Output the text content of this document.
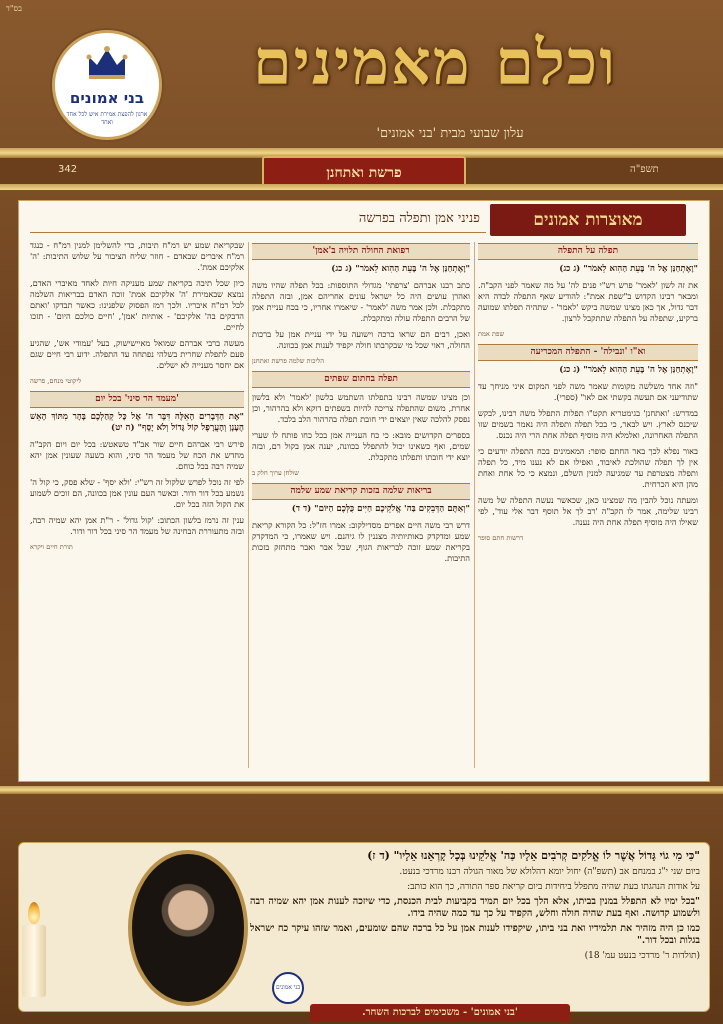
בס"ד
בני אמונים
ארגון להפצת אמירת איש לכל אחד ואחד
וכלם מאמינים
עלון שבועי מבית 'בני אמונים'
342	תשפ"ה
פרשת ואתחנן
מאוצרות אמונים
פניני אמן ותפלה בפרשה
תפלה על התפלה

"וָאֶתְחַנַּן אֶל ה' בָּעֵת הַהִוא לֵאמֹר" (ג כג)

את זה לשון 'לאמר' פרש רש"י פנים לה' על מה שאמר לפני הקב"ה. ומבאר רבינו הקדוש ב"שפת אמת": להודיע שאף התפלה לבדה היא דבר גדול, אך כאן מצינו שמשה ביקש 'לאמר' - שתהיה תפלתו שמועה ברקיע, שתפלה על התפלה שתתקבל לרצון.

שפת אמת
וא"ו 'ונבילה' - התפלה המכריעה

"וָאֶתְחַנַּן אֶל ה' בָּעֵת הַהִוא לֵאמֹר" (ג כג)

"וזה אחד משלשה מקומות שאמר משה לפני המקום איני מניחך עד שתודיעני אם תעשה בקשתי אם לאו" (ספרי).

במדרש: 'ואתחנן' בגימטריא תקט"ו תפלות התפלל משה רבינו, לבקש שיכנס לארץ. ויש לבאר, כי בכל תפלה ותפלה היה נאמר בשמים שזו התפלה האחרונה, ואלמלא היה מוסיף תפלה אחת הרי היה נכנס.

באור נפלא לכך באר החתם סופר: המאמינים בכח התפלה יודעים כי אין לך תפלה שהולכת לאיבוד, ואפילו אם לא נענו מיד, כל תפלה ותפלה מצטרפת עד שמגיעה למנין השלם, ונמצא כי כל אחת ואחת מהן היא הכרחית.

ומעתה נוכל להבין מה שמצינו כאן, שכאשר נעשה התפלה של משה רבינו שלימה, אמר לו הקב"ה 'רב לך אל תוסף דבר אלי עוד', לפי שאילו היה מוסיף תפלה אחת היה נענה.

דרשות חתם סופר
רפואת החולה תלויה ב'אמן'

"וָאֶתְחַנַּן אֶל ה' בָּעֵת הַהִוא לֵאמֹר" (ג כג)

כתב רבנו אברהם 'צרפתי' מגדולי התוספות: בכל תפלה שהיו משה ואהרן עושים היה כל ישראל עונים אחריהם אמן, ובזה התפלה מתקבלת. ולכן אמר משה 'לאמר' - שיאמרו אחריו, כי בכח עניית אמן של הרבים התפלה עולה ומתקבלת.

ואכן, רבים הם שראו ברכה וישועה על ידי עניית אמן על ברכות החולה, ראוי שכל מי שבקרבתו חולה יקפיד לענות אמן בכוונה.

הליכות שלמה פרשת ואתחנן
תפלה בחתום שפתים

וכן מצינו שמשה רבינו בתפלתו השתמש בלשון 'לאמר' ולא בלשון אחרת, משום שהתפלה צריכה להיות בשפתים דוקא ולא בהרהור, וכן נפסק להלכה שאין יוצאים ידי חובת תפלה בהרהור הלב בלבד.

בספרים הקדושים מובא: כי כח הענייה אמן בכל כחו פותח לו שערי שמים, ואף כשאינו יכול להתפלל בכוונה, יענה אמן בקול רם, ובזה יוצא ידי חובתו ותפלתו מתקבלת.

שולחן ערוך חלק ב
בריאות שלמה בזכות קריאת שמע שלמה

"וְאַתֶּם הַדְּבֵקִים בַּה' אֱלֹקֵיכֶם חַיִּים כֻּלְּכֶם הַיּוֹם" (ד ד)

דרש רבי משה חיים אפרים מסדילקוב: אמרו חז"ל: כל הקורא קריאת שמע ומדקדק באותיותיה מצננין לו גיהנם. ויש שאמרו, כי המדקדק בקריאת שמע זוכה לבריאות הגוף, שכל אבר ואבר מתחזק בזכות התיבות.

שבקריאת שמע יש רמ"ח תיבות, כדי להשלימן למנין רמ"ח - כנגד רמ"ח איברים שבאדם - חוזר שליח הציבור על שלוש התיבות: 'ה' אלקיכם אמת'.

כיון שכל תיבה בקריאת שמע מעניקה חיות לאחד מאיברי האדם, נמצא שבאמירת 'ה' אלקיכם אמת' זוכה האדם בבריאות השלמה לכל רמ"ח איבריו. ולכך רמז הפסוק שלפנינו: כאשר תבדקו 'ואתם הדבקים בה' אלקיכם' - אותיות 'אמן', 'חיים כולכם היום' - תזכו לחיים.

מעשה ברבי אברהם שמואל מאיישישוק, בעל 'עמודי אש', שהגיע פעם לתפלת שחרית בשלהי נפתחה עד התפלה. ידוע רבי חיים שגם אם יחסר מענייה לא ישלים.

ליקוטי מנחם, פרשה
'מעמד הר סיני' בכל יום

"אֶת הַדְּבָרִים הָאֵלֶּה דִּבֶּר ה' אֶל כָּל קְהַלְכֶם בָּהָר מִתּוֹךְ הָאֵשׁ הֶעָנָן וְהָעֲרָפֶל קוֹל גָּדוֹל וְלֹא יָסָף" (ה יט)

פירש רבי אברהם חיים שור אב"ד טשאטש: בכל יום ויום הקב"ה מחדש את הכח של מעמד הר סיני, והוא בשעה שעונין אמן יהא שמיה רבה בכל כוחם.

לפי זה נוכל לפרש שלקול זה רש"י: 'ולא יסף' - שלא פסק, כי קול ה' נשמע בכל דור ודור. וכאשר העם עונין אמן בכוונה, הם זוכים לשמוע את הקול הזה בכל יום.

ענין זה נרמז בלשון הכתוב: 'קול גדול' - ר"ת אמן יהא שמיה רבה, ובזה מתעוררת הבחינה של מעמד הר סיני בכל דור ודור.

תורת חיים ויקרא
בני אמונים
"כִּי מִי גוֹי גָּדוֹל אֲשֶׁר לוֹ אֱלֹקִים קְרֹבִים אֵלָיו כַּה' אֱלֹקֵינוּ בְּכָל קָרְאֵנוּ אֵלָיו" (ד ז)

ביום שני י"ג במנחם אב (תשפ"ה) יחול יומא דהלולא של מאור הגולה רבנו מרדכי בנעט.

על אודות הנהגתו בעת שהיה מתפלל ביחידות ביום קריאת ספר התורה, כך הוא כותב:

"בכל ימיו לא התפלל במנין בביתו, אלא הלך בכל יום תמיד בקביעות לבית הכנסת, כדי שיזכה לענות אמן יהא שמיה רבה ולשמוע קדושה. ואף בעת שהיה חולה וחלש, הקפיד על כך עד כמה שהיה בידו.

כמו כן היה מזהיר את תלמידיו ואת בני ביתו, שיקפידו לענות אמן על כל ברכה שהם שומעים, ואמר שזהו עיקר כח ישראל בגלות ובכל דור."

(תולדות ר' מרדכי בנעט עמ' 18)

'בני אמונים' - משכימים לברכות השחר.
